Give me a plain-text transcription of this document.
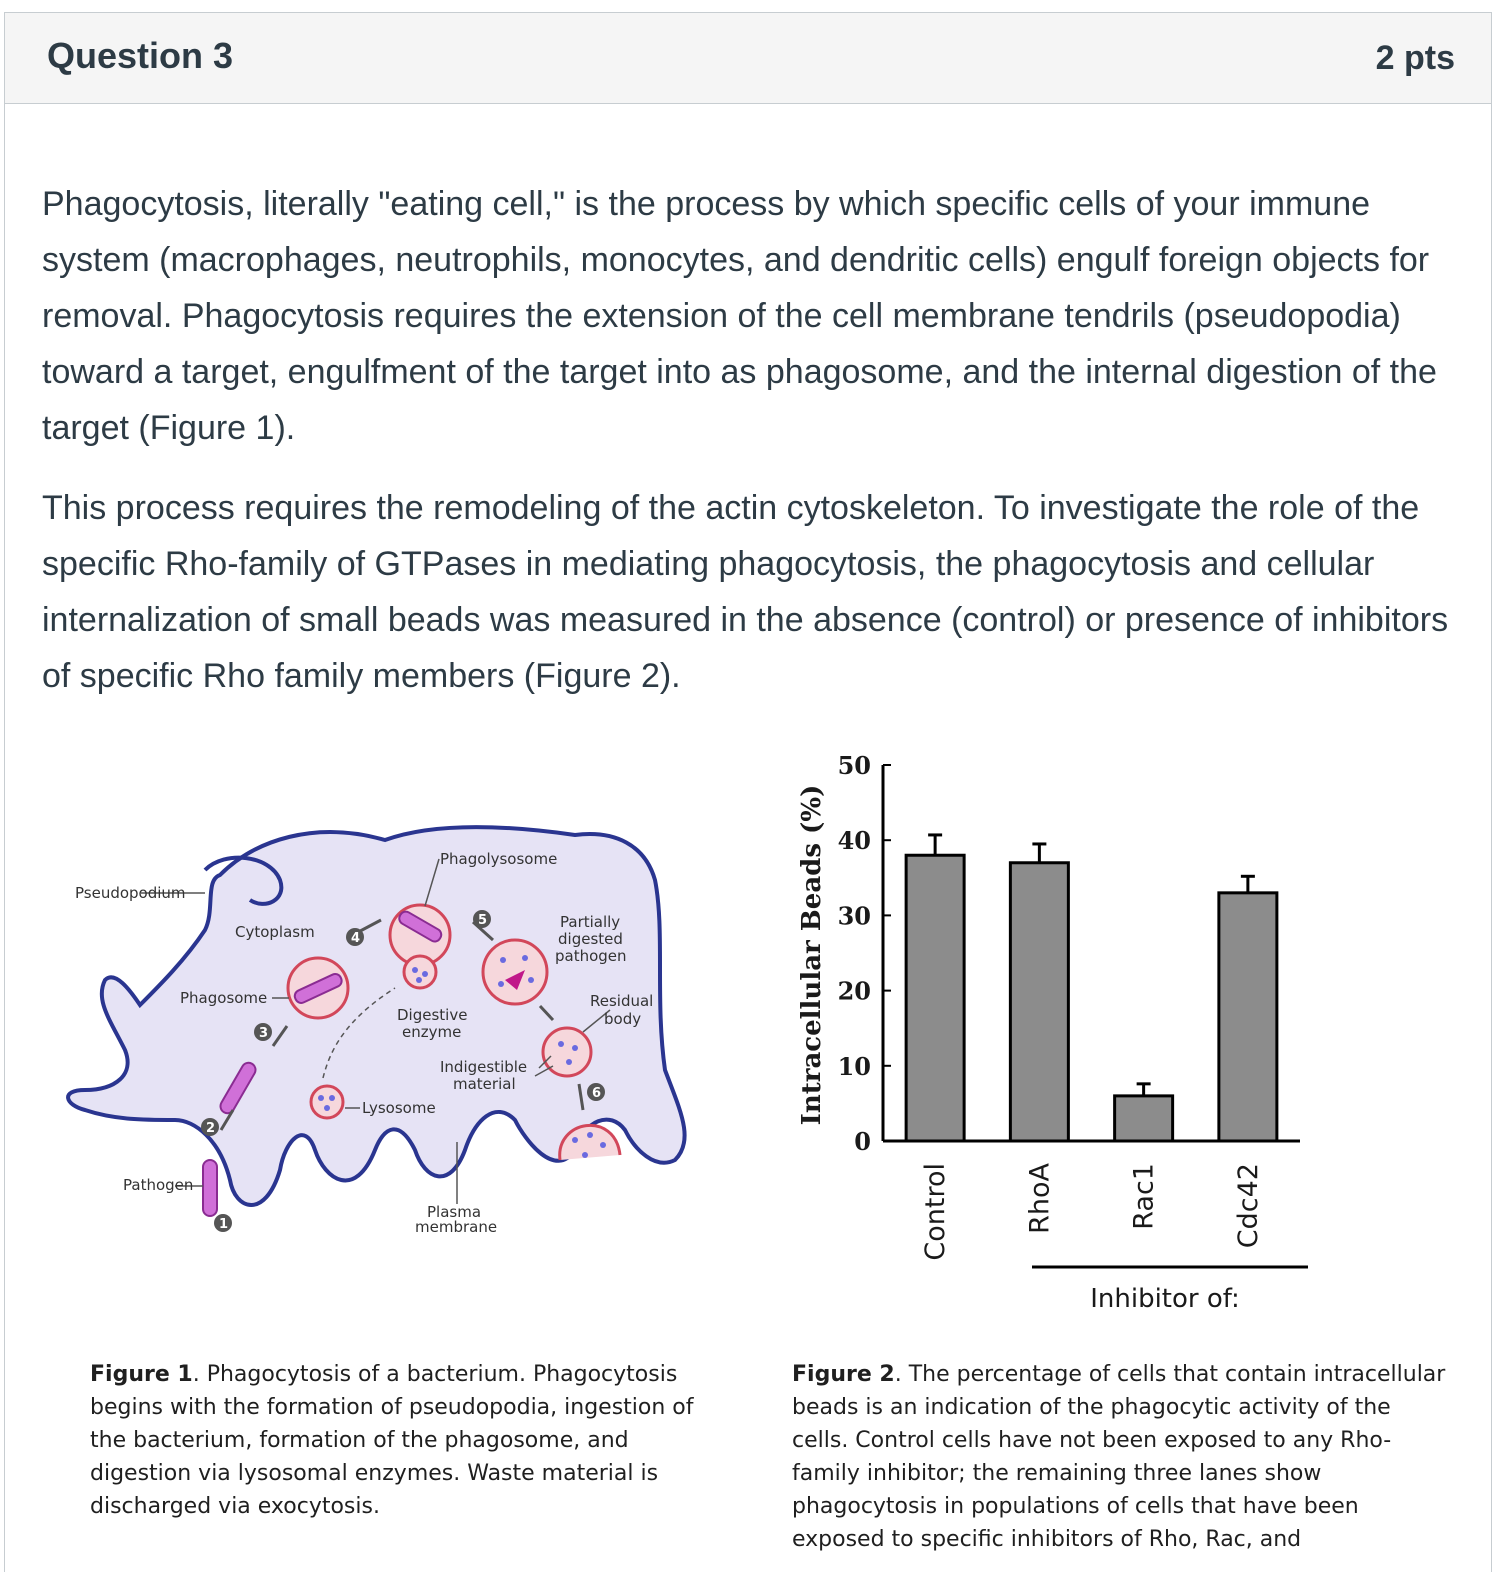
Question 3	2 pts

Phagocytosis, literally "eating cell," is the process by which specific cells of your immune system (macrophages, neutrophils, monocytes, and dendritic cells) engulf foreign objects for removal. Phagocytosis requires the extension of the cell membrane tendrils (pseudopodia) toward a target, engulfment of the target into as phagosome, and the internal digestion of the target (Figure 1).

This process requires the remodeling of the actin cytoskeleton. To investigate the role of the specific Rho-family of GTPases in mediating phagocytosis, the phagocytosis and cellular internalization of small beads was measured in the absence (control) or presence of inhibitors of specific Rho family members (Figure 2).

Pseudopodium
Cytoplasm
Phagosome
Pathogen
Phagolysosome
Partially
digested
pathogen
Residual
body
Digestive
enzyme
Indigestible
material
Lysosome
Plasma
membrane
1
2
3
4
5
6
0
10
20
30
40
50
Control	RhoA	Rac1	Cdc42
Intracellular Beads (%)
Inhibitor of:

Figure 1. Phagocytosis of a bacterium. Phagocytosis begins with the formation of pseudopodia, ingestion of the bacterium, formation of the phagosome, and digestion via lysosomal enzymes. Waste material is discharged via exocytosis.

Figure 2. The percentage of cells that contain intracellular beads is an indication of the phagocytic activity of the cells. Control cells have not been exposed to any Rho-family inhibitor; the remaining three lanes show phagocytosis in populations of cells that have been exposed to specific inhibitors of Rho, Rac, and
